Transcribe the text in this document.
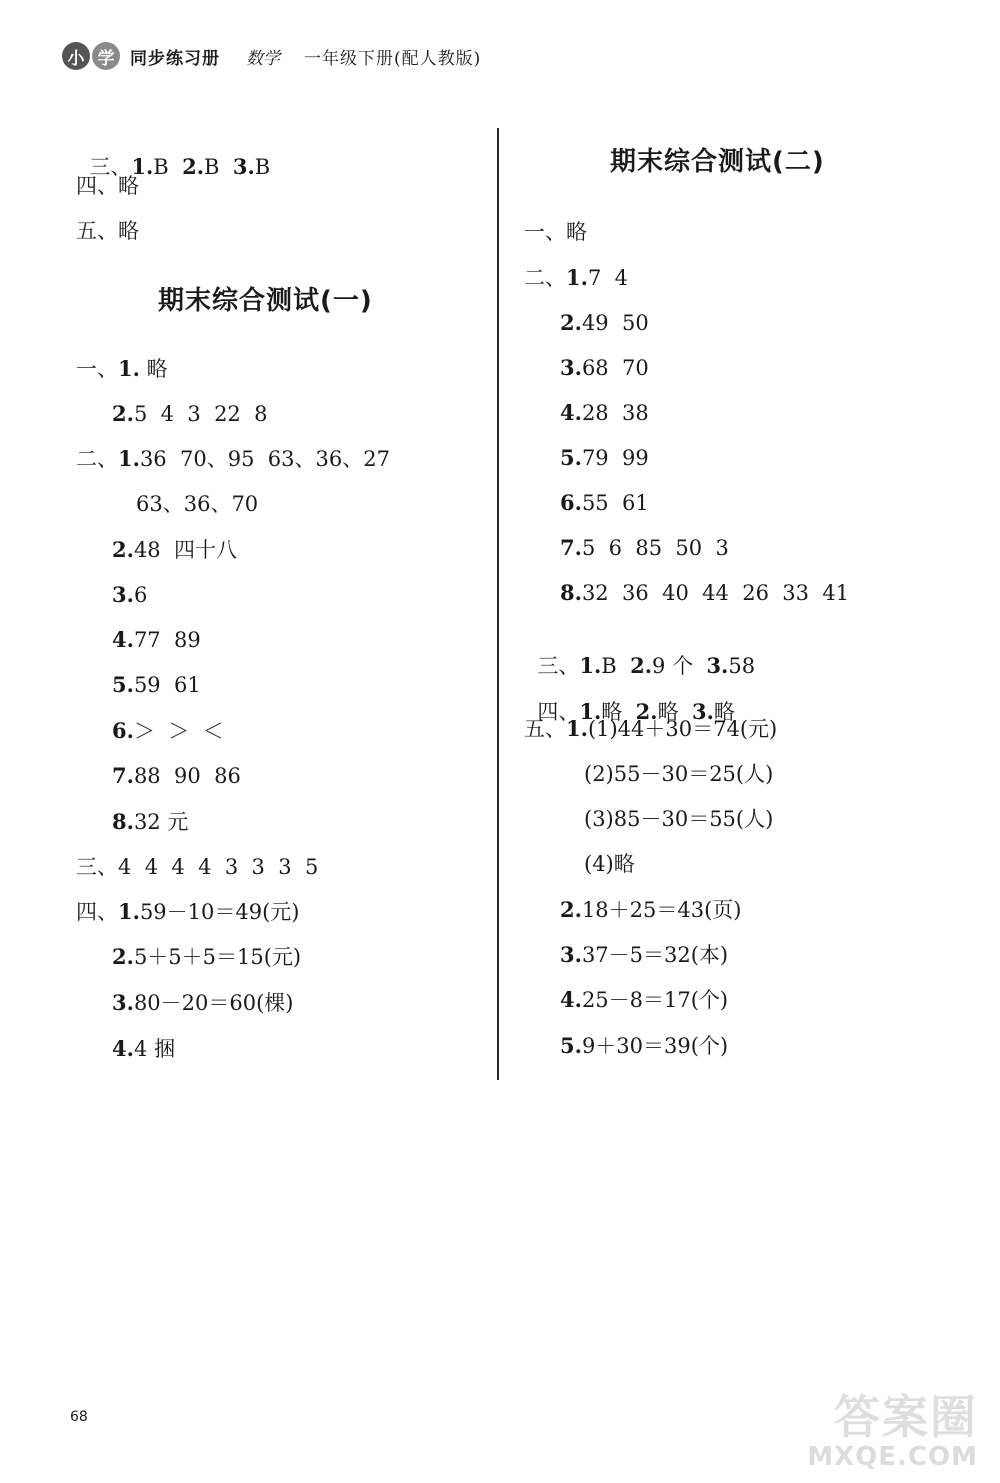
小 学 同步练习册 数学 一年级下册(配人教版)

三、1.B  2.B  3.B

四、略
五、略
期末综合测试(一)
一、1. 略
2.5  4  3  22  8
二、1.36  70、95  63、36、27
63、36、70
2.48  四十八
3.6
4.77  89
5.59  61
6.＞  ＞  ＜
7.88  90  86
8.32 元
三、4  4  4  4  3  3  3  5
四、1.59－10＝49(元)
2.5＋5＋5＝15(元)
3.80－20＝60(棵)
4.4 捆
期末综合测试(二)
一、略
二、1.7  4
2.49  50
3.68  70
4.28  38
5.79  99
6.55  61
7.5  6  85  50  3
8.32  36  40  44  26  33  41

三、1.B  2.9 个  3.58

四、1.略  2.略  3.略

五、1.(1)44＋30＝74(元)
(2)55－30＝25(人)
(3)85－30＝55(人)
(4)略
2.18＋25＝43(页)
3.37－5＝32(本)
4.25－8＝17(个)
5.9＋30＝39(个)
68	答案圈
MXQE.COM
